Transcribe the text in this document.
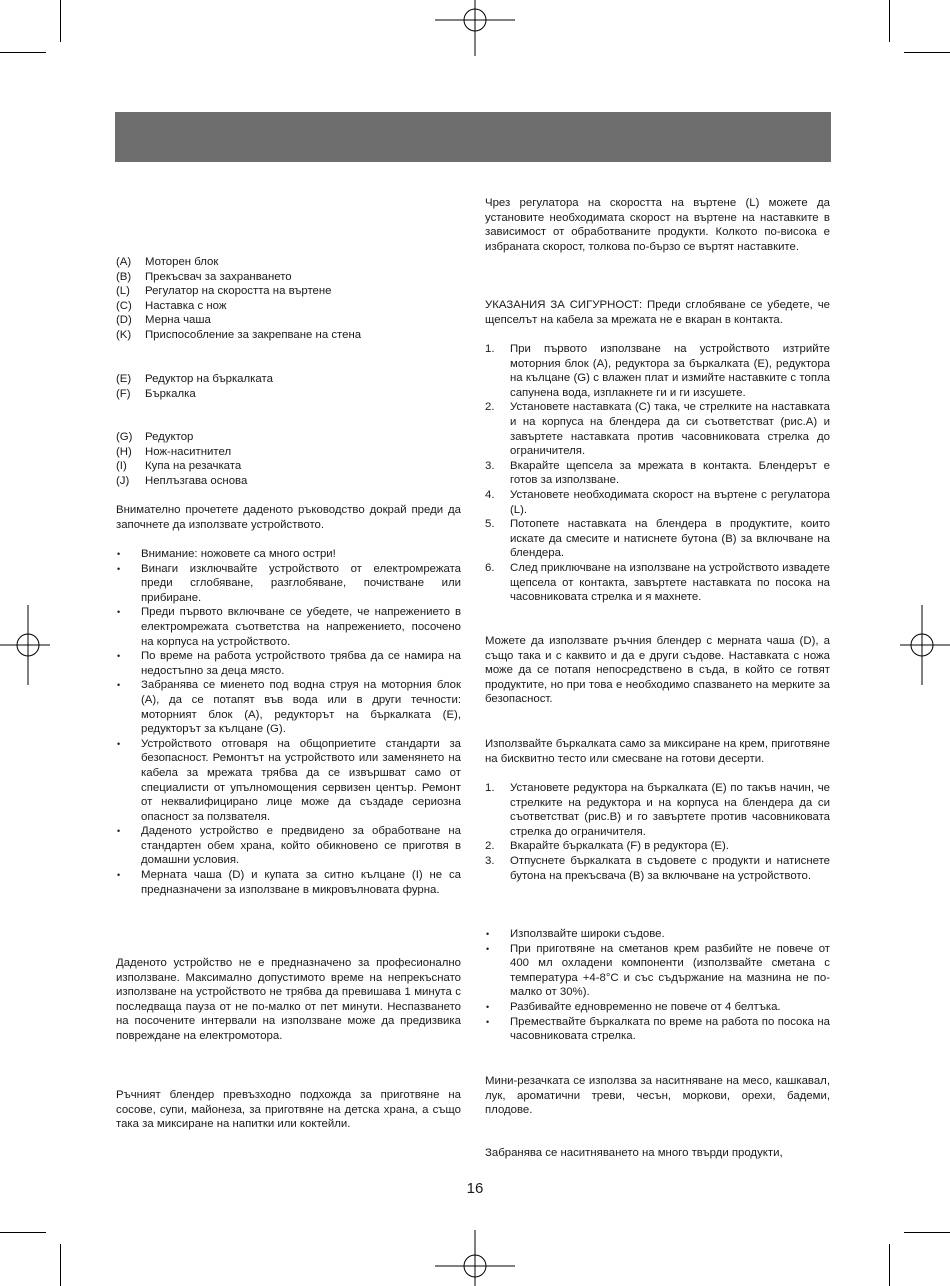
(A)	Моторен блок
(B)	Прекъсвач за захранването
(L)	Регулатор на скоростта на въртене
(C)	Наставка с нож
(D)	Мерна чаша
(K)	Приспособление за закрепване на стена
(E)	Редуктор на бъркалката
(F)	Бъркалка
(G)	Редуктор
(H)	Нож-наситнител
(I)	Купа на резачката
(J)	Неплъзгава основа

Внимателно прочетете даденото ръководство докрай преди да започнете да използвате устройството.

• Внимание: ножовете са много остри!
• Винаги изключвайте устройството от електромрежата преди сглобяване, разглобяване, почистване или прибиране.
• Преди първото включване се убедете, че напрежението в електромрежата съответства на напрежението, посочено на корпуса на устройството.
• По време на работа устройството трябва да се намира на недостъпно за деца място.
• Забранява се миенето под водна струя на моторния блок (A), да се потапят във вода или в други течности: моторният блок (A), редукторът на бъркалката (E), редукторът за кълцане (G).
• Устройството отговаря на общоприетите стандарти за безопасност. Ремонтът на устройството или заменянето на кабела за мрежата трябва да се извършват само от специалисти от упълномощения сервизен център. Ремонт от неквалифицирано лице може да създаде сериозна опасност за ползвателя.
• Даденото устройство е предвидено за обработване на стандартен обем храна, който обикновено се приготвя в домашни условия.
• Мерната чаша (D) и купата за ситно кълцане (I) не са предназначени за използване в микровълновата фурна.

Даденото устройство не е предназначено за професионално използване. Максимално допустимото време на непрекъснато използване на устройството не трябва да превишава 1 минута с последваща пауза от не по-малко от пет минути. Неспазването на посочените интервали на използване може да предизвика повреждане на електромотора.

Ръчният блендер превъзходно подхожда за приготвяне на сосове, супи, майонеза, за приготвяне на детска храна, а също така за миксиране на напитки или коктейли.

Чрез регулатора на скоростта на въртене (L) можете да установите необходимата скорост на въртене на наставките в зависимост от обработваните продукти. Колкото по-висока е избраната скорост, толкова по-бързо се въртят наставките.

УКАЗАНИЯ ЗА СИГУРНОСТ: Преди сглобяване се убедете, че щепселът на кабела за мрежата не е вкаран в контакта.

1. При първото използване на устройството изтрийте моторния блок (A), редуктора за бъркалката (E), редуктора на кълцане (G) с влажен плат и измийте наставките с топла сапунена вода, изплакнете ги и ги изсушете.
2. Установете наставката (C) така, че стрелките на наставката и на корпуса на блендера да си съответстват (рис.А) и завъртете наставката против часовниковата стрелка до ограничителя.
3. Вкарайте щепсела за мрежата в контакта. Блендерът е готов за използване.
4. Установете необходимата скорост на въртене с регулатора (L).
5. Потопете наставката на блендера в продуктите, които искате да смесите и натиснете бутона (B) за включване на блендера.
6. След приключване на използване на устройството извадете щепсела от контакта, завъртете наставката по посока на часовниковата стрелка и я махнете.

Можете да използвате ръчния блендер с мерната чаша (D), а също така и с каквито и да е други съдове. Наставката с ножа може да се потапя непосредствено в съда, в който се готвят продуктите, но при това е необходимо спазването на мерките за безопасност.

Използвайте бъркалката само за миксиране на крем, приготвяне на бисквитно тесто или смесване на готови десерти.

1. Установете редуктора на бъркалката (E) по такъв начин, че стрелките на редуктора и на корпуса на блендера да си съответстват (рис.В) и го завъртете против часовниковата стрелка до ограничителя.
2. Вкарайте бъркалката (F) в редуктора (E).
3. Отпуснете бъркалката в съдовете с продукти и натиснете бутона на прекъсвача (B) за включване на устройството.
• Използвайте широки съдове.
• При приготвяне на сметанов крем разбийте не повече от 400 мл охладени компоненти (използвайте сметана с температура +4-8°С и със съдържание на мазнина не по-малко от 30%).
• Разбивайте едновременно не повече от 4 белтъка.
• Премествайте бъркалката по време на работа по посока на часовниковата стрелка.

Мини-резачката се използва за наситняване на месо, кашкавал, лук, ароматични треви, чесън, моркови, орехи, бадеми, плодове.

Забранява се наситняването на много твърди продукти,

16
